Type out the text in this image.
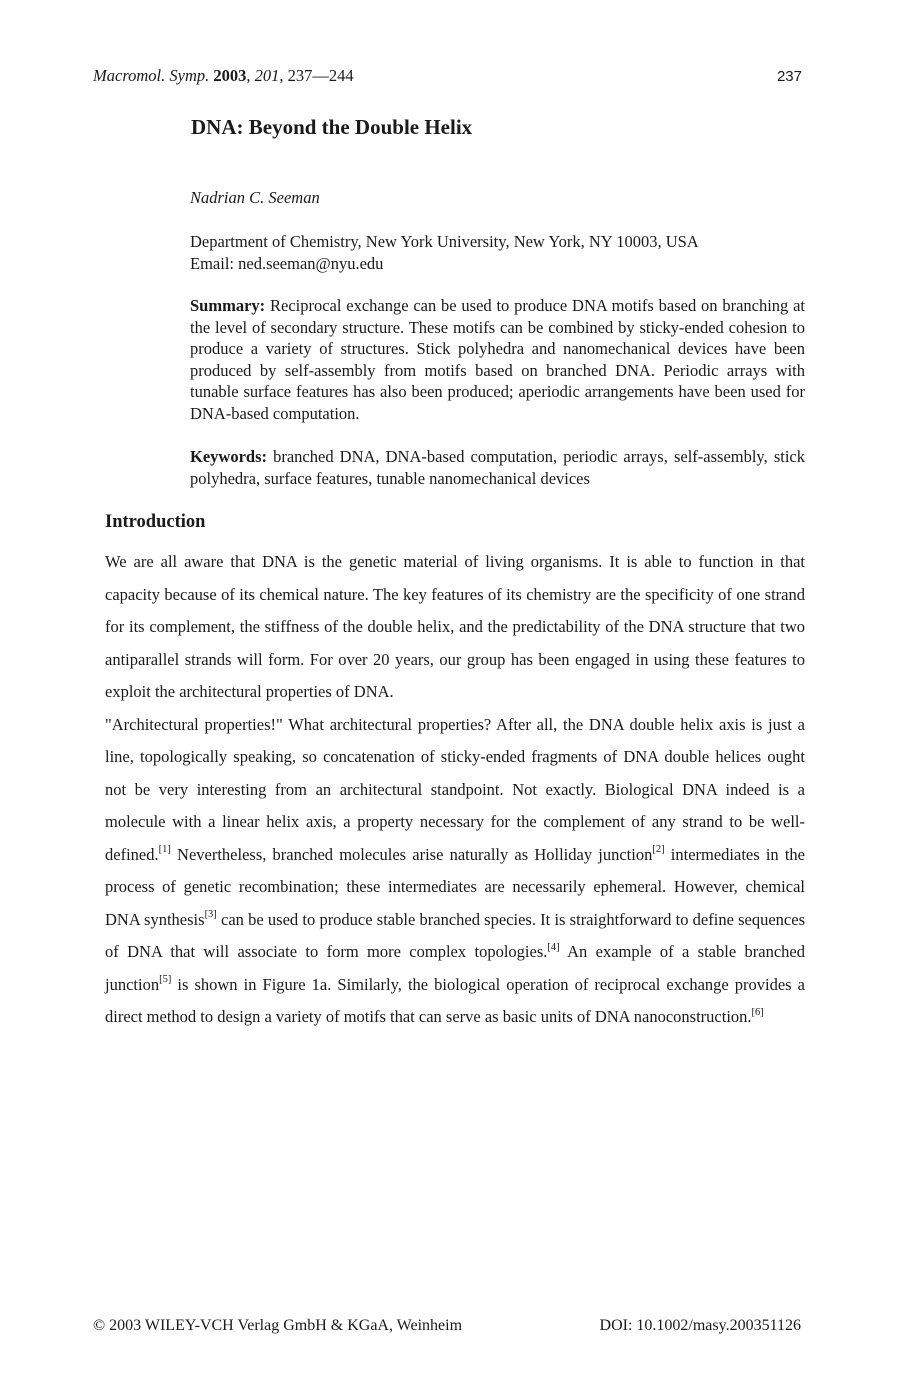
Macromol. Symp. 2003, 201, 237—244	237
DNA: Beyond the Double Helix
Nadrian C. Seeman
Department of Chemistry, New York University, New York, NY 10003, USA
Email: ned.seeman@nyu.edu
Summary: Reciprocal exchange can be used to produce DNA motifs based on branching at the level of secondary structure. These motifs can be combined by sticky-ended cohesion to produce a variety of structures. Stick polyhedra and nanomechanical devices have been produced by self-assembly from motifs based on branched DNA. Periodic arrays with tunable surface features has also been produced; aperiodic arrangements have been used for DNA-based computation.
Keywords: branched DNA, DNA-based computation, periodic arrays, self-assembly, stick polyhedra, surface features, tunable nanomechanical devices
Introduction

We are all aware that DNA is the genetic material of living organisms. It is able to function in that capacity because of its chemical nature. The key features of its chemistry are the specificity of one strand for its complement, the stiffness of the double helix, and the predictability of the DNA structure that two antiparallel strands will form. For over 20 years, our group has been engaged in using these features to exploit the architectural properties of DNA.

"Architectural properties!" What architectural properties? After all, the DNA double helix axis is just a line, topologically speaking, so concatenation of sticky-ended fragments of DNA double helices ought not be very interesting from an architectural standpoint. Not exactly. Biological DNA indeed is a molecule with a linear helix axis, a property necessary for the complement of any strand to be well-defined.[1] Nevertheless, branched molecules arise naturally as Holliday junction[2] intermediates in the process of genetic recombination; these intermediates are necessarily ephemeral. However, chemical DNA synthesis[3] can be used to produce stable branched species. It is straightforward to define sequences of DNA that will associate to form more complex topologies.[4] An example of a stable branched junction[5] is shown in Figure 1a. Similarly, the biological operation of reciprocal exchange provides a direct method to design a variety of motifs that can serve as basic units of DNA nanoconstruction.[6]

© 2003 WILEY-VCH Verlag GmbH & KGaA, Weinheim	DOI: 10.1002/masy.200351126
